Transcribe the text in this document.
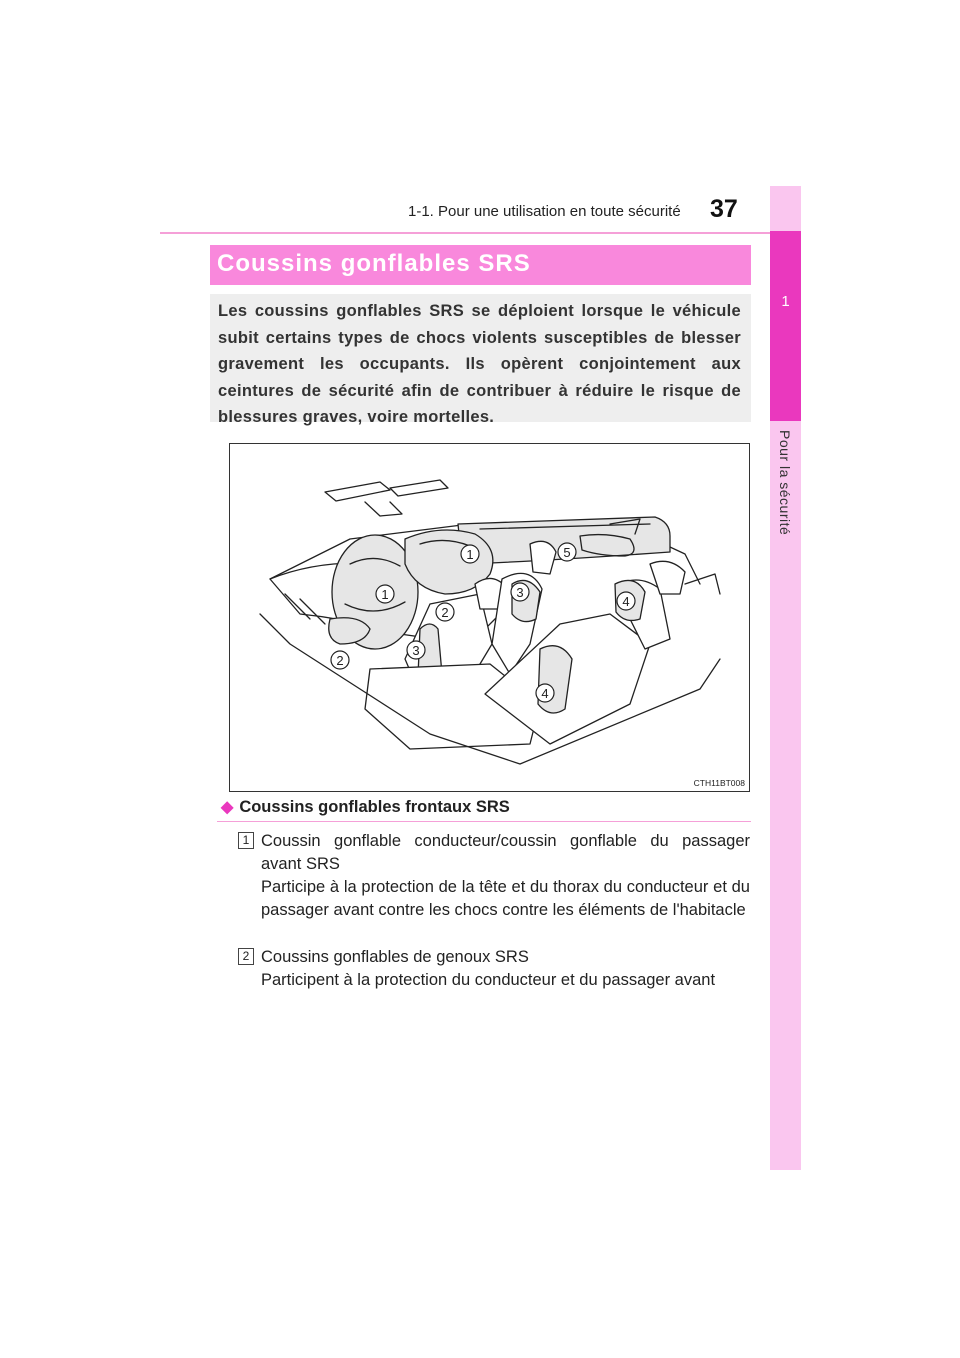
1-1. Pour une utilisation en toute sécurité 37
1
Pour la sécurité
Coussins gonflables SRS

Les coussins gonflables SRS se déploient lorsque le véhicule subit certains types de chocs violents susceptibles de blesser gravement les occupants. Ils opèrent conjointement aux ceintures de sécurité afin de contribuer à réduire le risque de blessures graves, voire mortelles.

1
1
2
2
3
3
4
4
5
CTH11BT008
◆ Coussins gonflables frontaux SRS
1 Coussin gonflable conducteur/coussin gonflable du passager avant SRS
Participe à la protection de la tête et du thorax du conducteur et du passager avant contre les chocs contre les éléments de l'habitacle
2 Coussins gonflables de genoux SRS
Participent à la protection du conducteur et du passager avant
